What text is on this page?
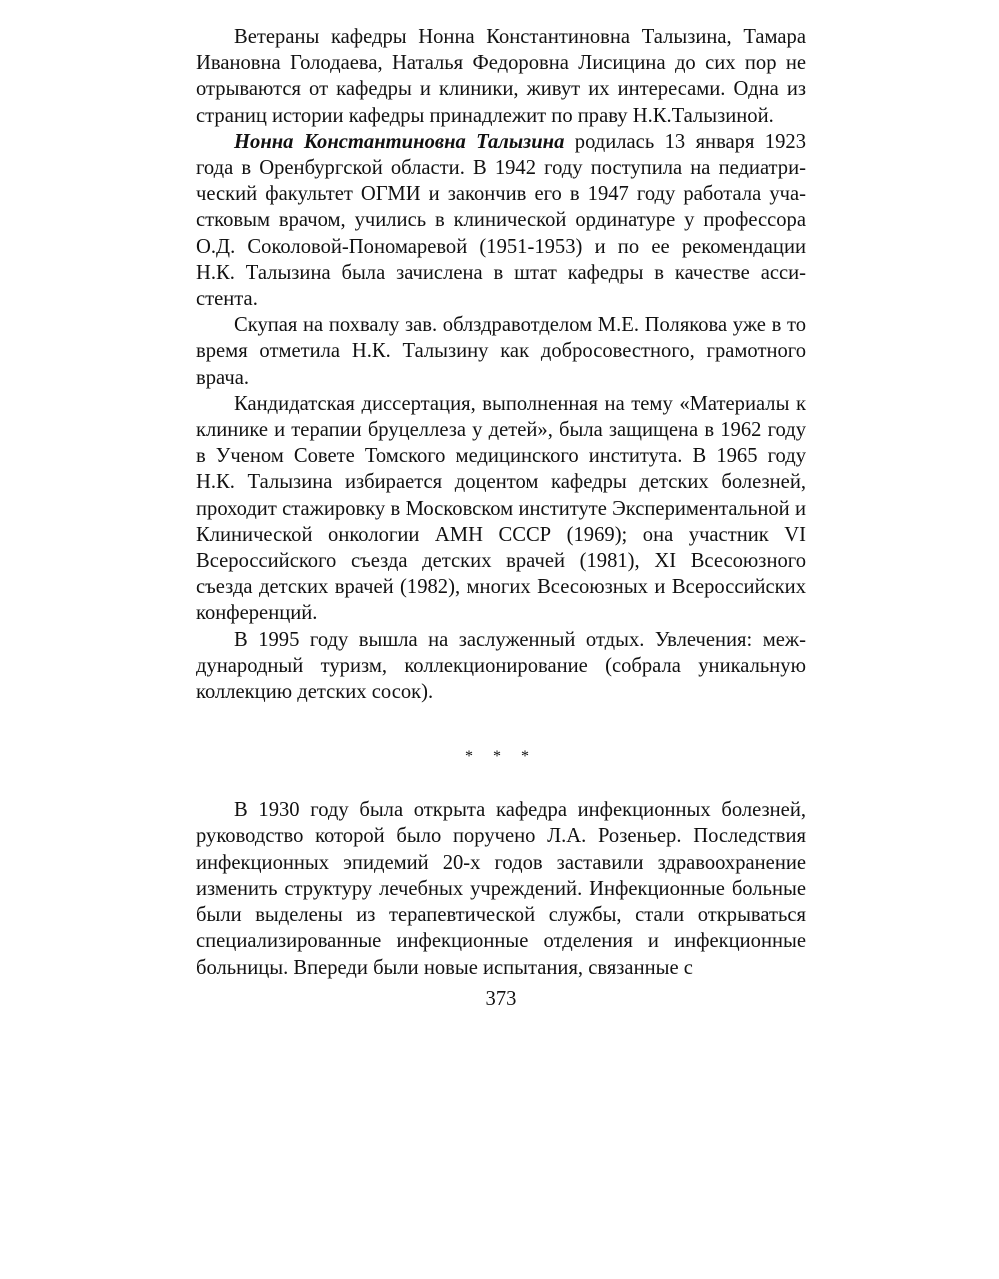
Ветераны кафедры Нонна Константиновна Талызина, Тамара Ивановна Голодаева, Наталья Федоровна Лисицина до сих пор не отрываются от кафедры и клиники, живут их интересами. Одна из страниц истории кафедры принадлежит по праву Н.К.Талызиной.

Нонна Константиновна Талызина родилась 13 января 1923 года в Оренбургской области. В 1942 году поступила на педиатрический факультет ОГМИ и закончив его в 1947 году работала участковым врачом, учились в клинической ординатуре у профессора О.Д. Соколовой-Пономаревой (1951-1953) и по ее рекомендации Н.К. Талызина была зачислена в штат кафедры в качестве ассистента.

Скупая на похвалу зав. облздравотделом М.Е. Полякова уже в то время отметила Н.К. Талызину как добросовестного, грамотного врача.

Кандидатская диссертация, выполненная на тему «Материалы к клинике и терапии бруцеллеза у детей», была защищена в 1962 году в Ученом Совете Томского медицинского института. В 1965 году Н.К. Талызина избирается доцентом кафедры детских болезней, проходит стажировку в Московском институте Экспериментальной и Клинической онкологии АМН СССР (1969); она участник VI Всероссийского съезда детских врачей (1981), XI Всесоюзного съезда детских врачей (1982), многих Всесоюзных и Всероссийских конференций.

В 1995 году вышла на заслуженный отдых. Увлечения: международный туризм, коллекционирование (собрала уникальную коллекцию детских сосок).

* * *

В 1930 году была открыта кафедра инфекционных болезней, руководство которой было поручено Л.А. Розеньер. Последствия инфекционных эпидемий 20-х годов заставили здравоохранение изменить структуру лечебных учреждений. Инфекционные больные были выделены из терапевтической службы, стали открываться специализированные инфекционные отделения и инфекционные больницы. Впереди были новые испытания, связанные с

373
